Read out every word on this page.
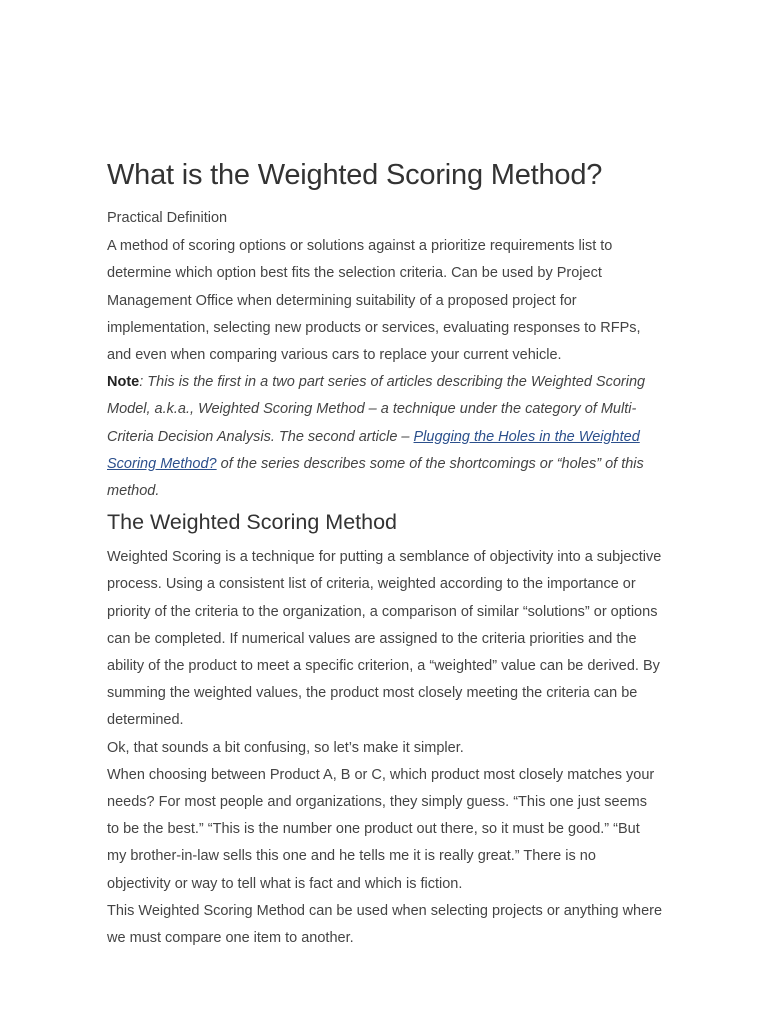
What is the Weighted Scoring Method?

Practical Definition

A method of scoring options or solutions against a prioritize requirements list to determine which option best fits the selection criteria. Can be used by Project Management Office when determining suitability of a proposed project for implementation, selecting new products or services, evaluating responses to RFPs, and even when comparing various cars to replace your current vehicle.

Note: This is the first in a two part series of articles describing the Weighted Scoring Model, a.k.a., Weighted Scoring Method – a technique under the category of Multi-Criteria Decision Analysis. The second article – Plugging the Holes in the Weighted Scoring Method? of the series describes some of the shortcomings or “holes” of this method.

The Weighted Scoring Method

Weighted Scoring is a technique for putting a semblance of objectivity into a subjective process. Using a consistent list of criteria, weighted according to the importance or priority of the criteria to the organization, a comparison of similar “solutions” or options can be completed. If numerical values are assigned to the criteria priorities and the ability of the product to meet a specific criterion, a “weighted” value can be derived. By summing the weighted values, the product most closely meeting the criteria can be determined.

Ok, that sounds a bit confusing, so let’s make it simpler.

When choosing between Product A, B or C, which product most closely matches your needs? For most people and organizations, they simply guess. “This one just seems to be the best.” “This is the number one product out there, so it must be good.” “But my brother-in-law sells this one and he tells me it is really great.” There is no objectivity or way to tell what is fact and which is fiction.

This Weighted Scoring Method can be used when selecting projects or anything where we must compare one item to another.
